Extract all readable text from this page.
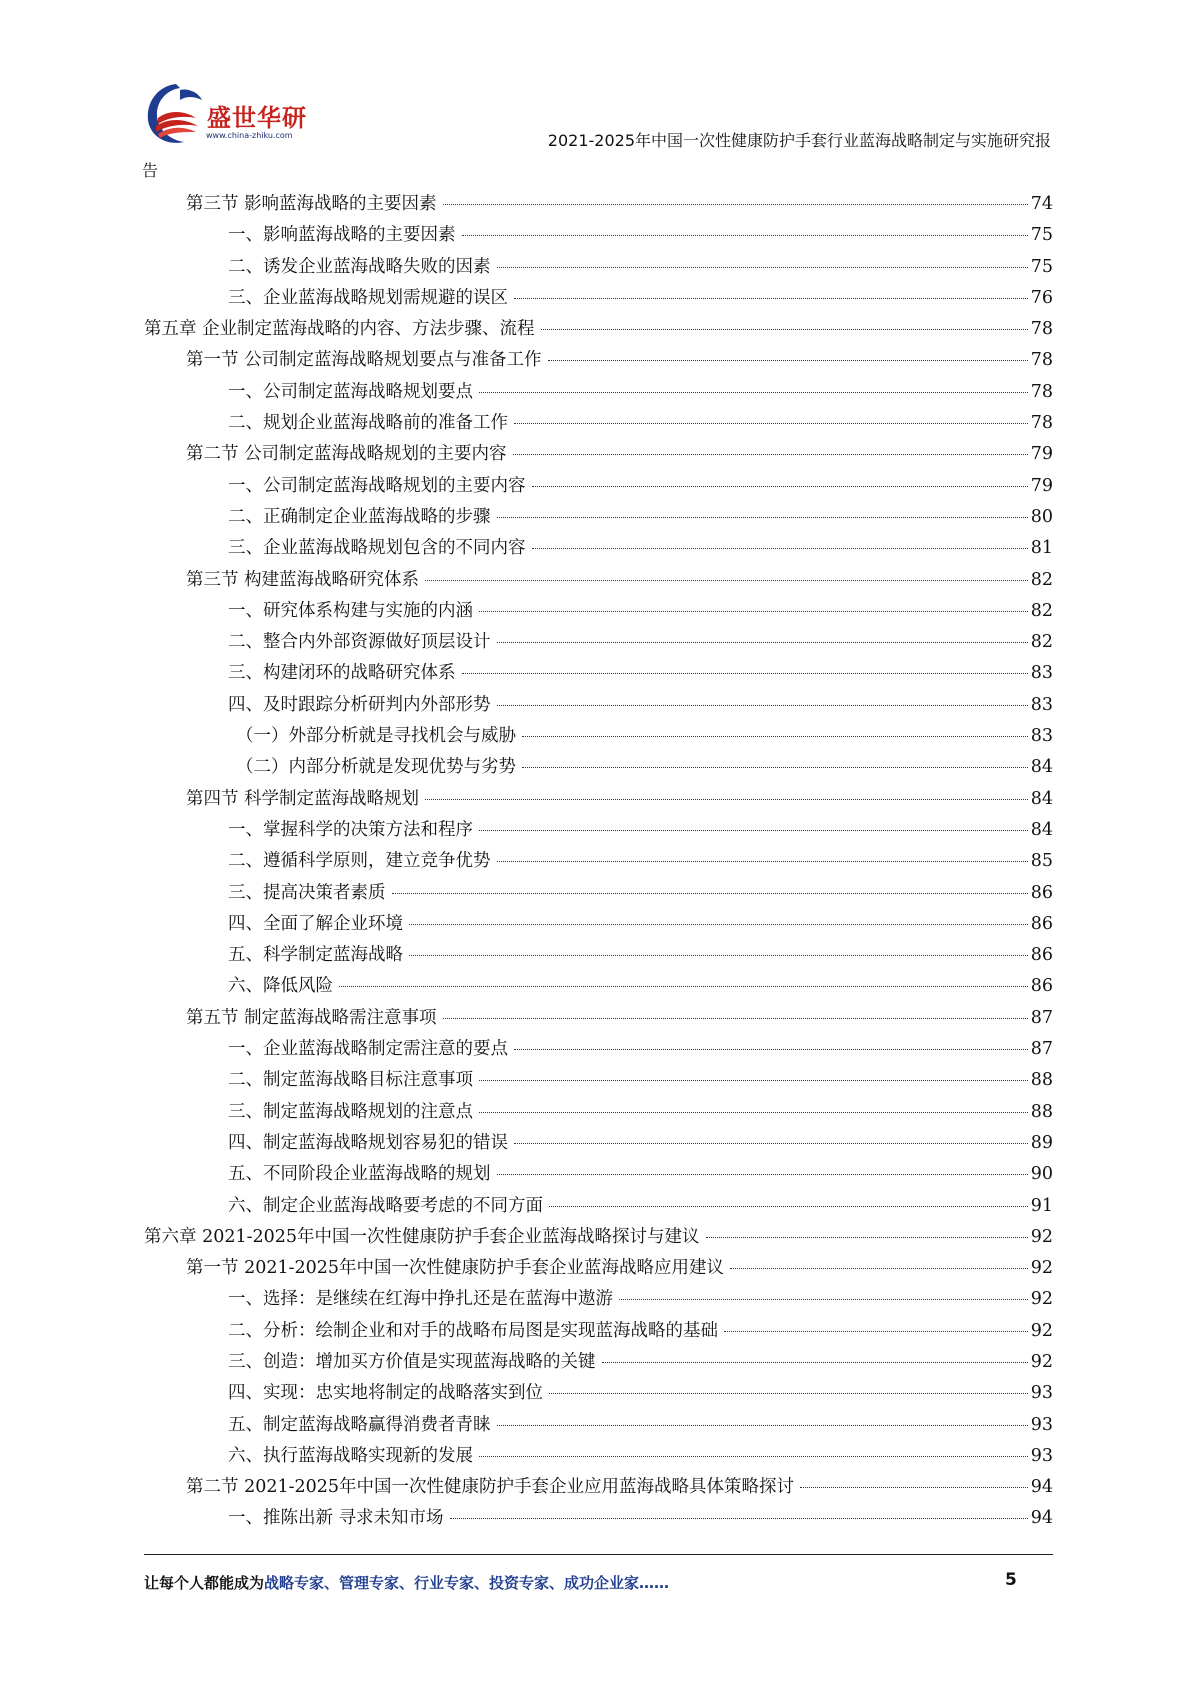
盛世华研
www.china-zhiku.com	2021-2025年中国一次性健康防护手套行业蓝海战略制定与实施研究报
告
第三节 影响蓝海战略的主要因素	74
一、影响蓝海战略的主要因素	75
二、诱发企业蓝海战略失败的因素	75
三、企业蓝海战略规划需规避的误区	76
第五章 企业制定蓝海战略的内容、方法步骤、流程	78
第一节 公司制定蓝海战略规划要点与准备工作	78
一、公司制定蓝海战略规划要点	78
二、规划企业蓝海战略前的准备工作	78
第二节 公司制定蓝海战略规划的主要内容	79
一、公司制定蓝海战略规划的主要内容	79
二、正确制定企业蓝海战略的步骤	80
三、企业蓝海战略规划包含的不同内容	81
第三节 构建蓝海战略研究体系	82
一、研究体系构建与实施的内涵	82
二、整合内外部资源做好顶层设计	82
三、构建闭环的战略研究体系	83
四、及时跟踪分析研判内外部形势	83
（一）外部分析就是寻找机会与威胁	83
（二）内部分析就是发现优势与劣势	84
第四节 科学制定蓝海战略规划	84
一、掌握科学的决策方法和程序	84
二、遵循科学原则，建立竞争优势	85
三、提高决策者素质	86
四、全面了解企业环境	86
五、科学制定蓝海战略	86
六、降低风险	86
第五节 制定蓝海战略需注意事项	87
一、企业蓝海战略制定需注意的要点	87
二、制定蓝海战略目标注意事项	88
三、制定蓝海战略规划的注意点	88
四、制定蓝海战略规划容易犯的错误	89
五、不同阶段企业蓝海战略的规划	90
六、制定企业蓝海战略要考虑的不同方面	91
第六章 2021-2025年中国一次性健康防护手套企业蓝海战略探讨与建议	92
第一节 2021-2025年中国一次性健康防护手套企业蓝海战略应用建议	92
一、选择：是继续在红海中挣扎还是在蓝海中遨游	92
二、分析：绘制企业和对手的战略布局图是实现蓝海战略的基础	92
三、创造：增加买方价值是实现蓝海战略的关键	92
四、实现：忠实地将制定的战略落实到位	93
五、制定蓝海战略赢得消费者青睐	93
六、执行蓝海战略实现新的发展	93
第二节 2021-2025年中国一次性健康防护手套企业应用蓝海战略具体策略探讨	94
一、推陈出新 寻求未知市场	94
让每个人都能成为战略专家、管理专家、行业专家、投资专家、成功企业家……	5
